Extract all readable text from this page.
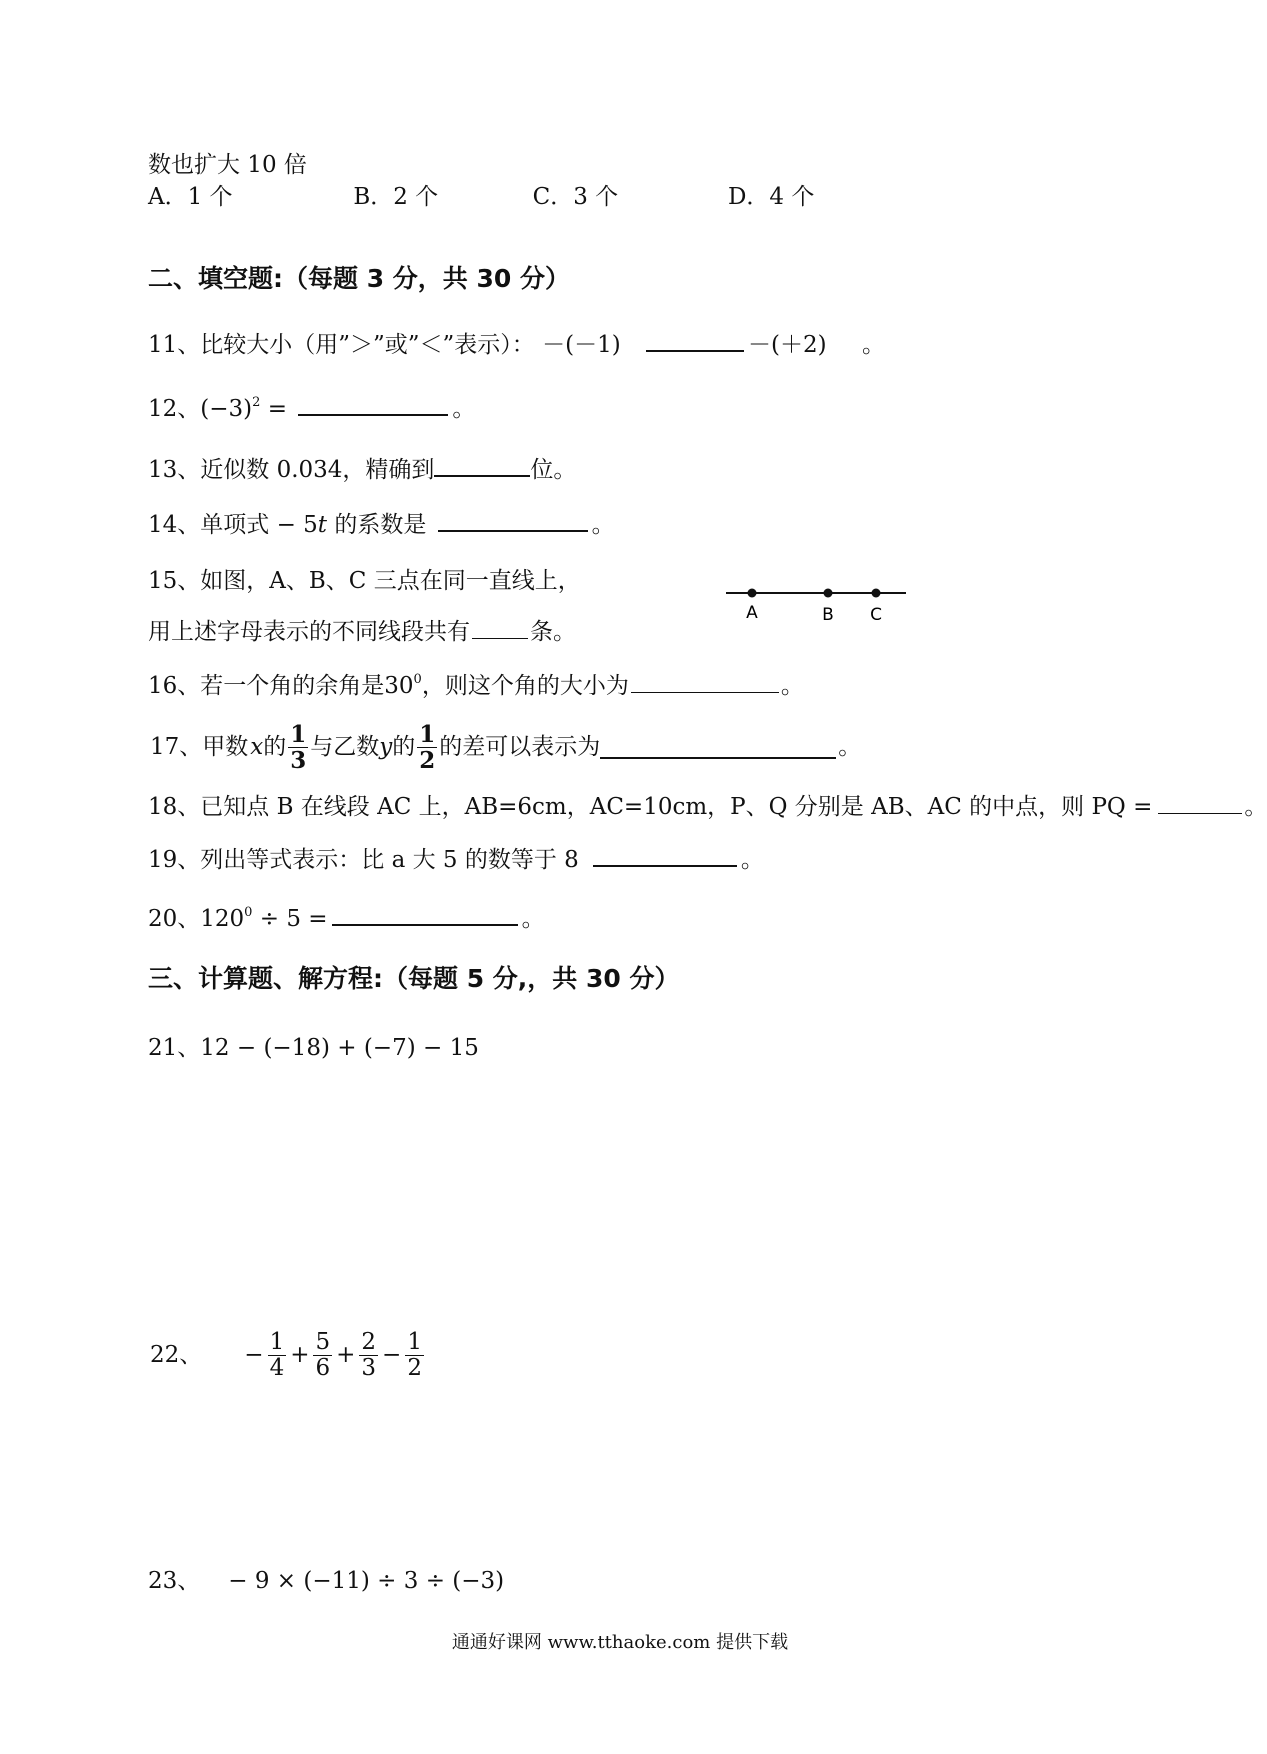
数也扩大 10 倍
A．1 个	B．2 个	C．3 个	D．4 个
二、填空题:（每题 3 分，共 30 分）
11、比较大小（用”＞”或”＜”表示）： －(－1)	－(＋2) 。
12、$(-3)^2$ =	。
13、近似数 0.034，精确到	位。
14、单项式 − 5t 的系数是	。
15、如图，A、B、C 三点在同一直线上，
用上述字母表示的不同线段共有	条。
A	B C
16、若一个角的余角是$30^0$，则这个角的大小为	。
17、甲数x的 $\frac{1}{3}$ 与乙数y的 $\frac{1}{2}$ 的差可以表示为	。
18、已知点 B 在线段 AC 上，AB=6cm，AC=10cm，P、Q 分别是 AB、AC 的中点，则 PQ =	。
19、列出等式表示：比 a 大 5 的数等于 8	。
20、$120^0 \div 5$ =	。
三、计算题、解方程:（每题 5 分,，共 30 分）
21、12 − (−18) + (−7) − 15
22、 − $\frac{1}{4} + \frac{5}{6} + \frac{2}{3} - \frac{1}{2}$
23、 − 9 × (−11) ÷ 3 ÷ (−3)
通通好课网 www.tthaoke.com 提供下载
